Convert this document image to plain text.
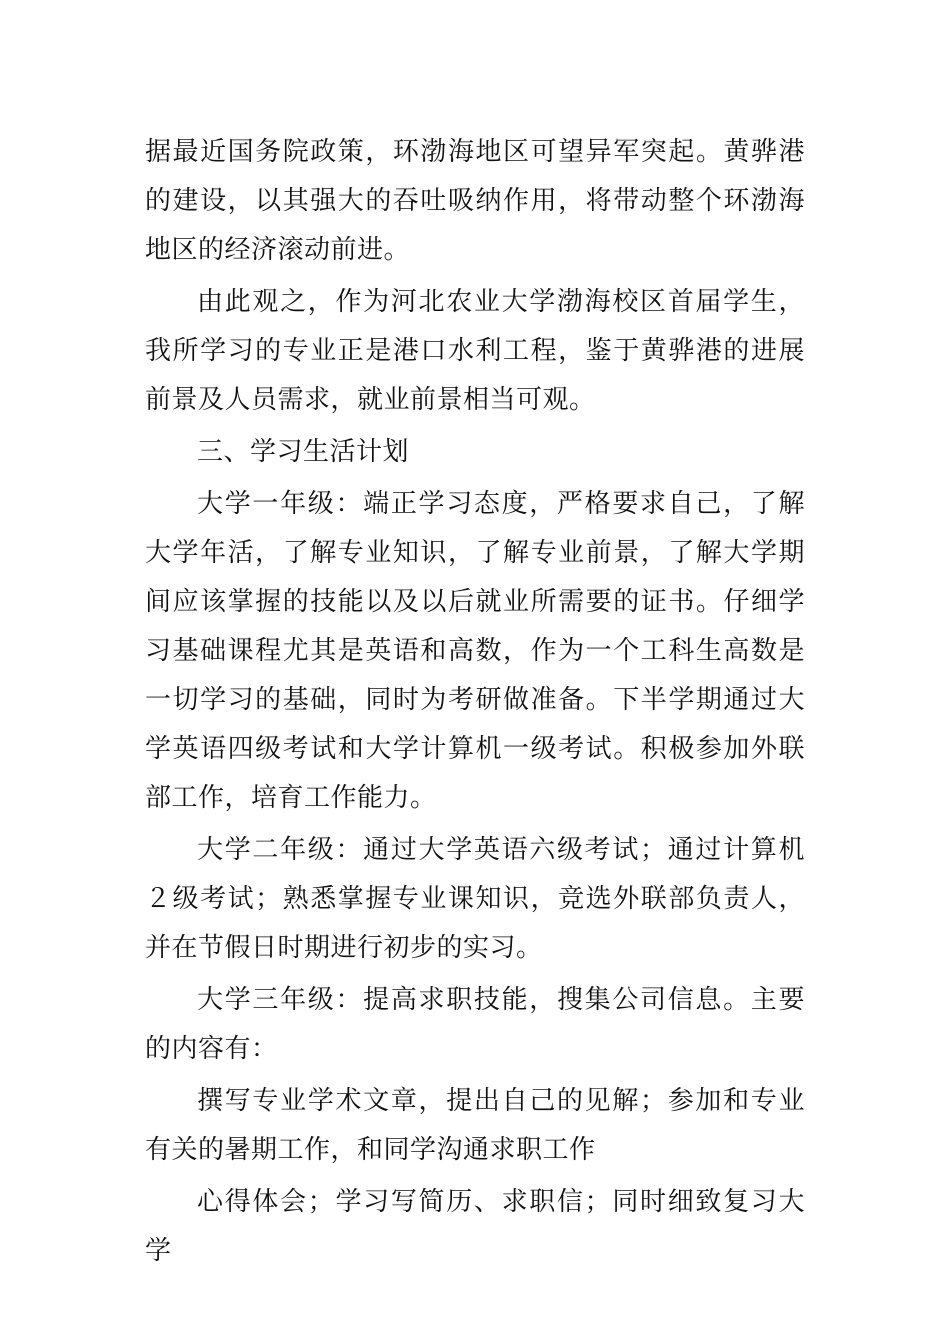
据最近国务院政策，环渤海地区可望异军突起。黄骅港的建设，以其强大的吞吐吸纳作用，将带动整个环渤海地区的经济滚动前进。

由此观之，作为河北农业大学渤海校区首届学生，我所学习的专业正是港口水利工程，鉴于黄骅港的进展前景及人员需求，就业前景相当可观。

三、学习生活计划

大学一年级：端正学习态度，严格要求自己，了解大学年活，了解专业知识，了解专业前景，了解大学期间应该掌握的技能以及以后就业所需要的证书。仔细学习基础课程尤其是英语和高数，作为一个工科生高数是一切学习的基础，同时为考研做准备。下半学期通过大学英语四级考试和大学计算机一级考试。积极参加外联部工作，培育工作能力。

大学二年级：通过大学英语六级考试；通过计算机２级考试；熟悉掌握专业课知识，竞选外联部负责人，并在节假日时期进行初步的实习。

大学三年级：提高求职技能，搜集公司信息。主要的内容有：

撰写专业学术文章，提出自己的见解；参加和专业有关的暑期工作，和同学沟通求职工作

心得体会；学习写简历、求职信；同时细致复习大学
